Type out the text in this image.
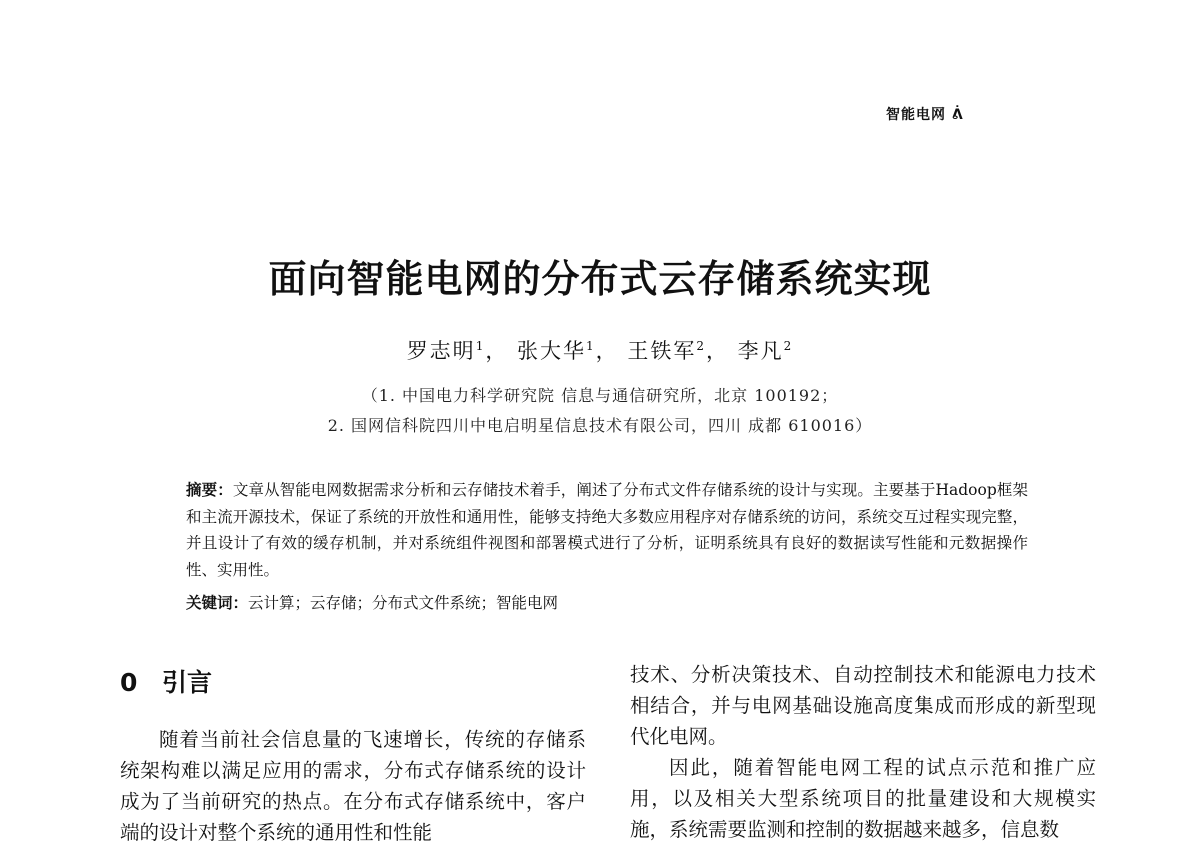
智能电网 ᕖ
面向智能电网的分布式云存储系统实现
罗志明$^1$， 张大华$^1$， 王铁军$^2$， 李凡$^2$
（1. 中国电力科学研究院 信息与通信研究所，北京 100192；
2. 国网信科院四川中电启明星信息技术有限公司，四川 成都 610016）
摘要：文章从智能电网数据需求分析和云存储技术着手，阐述了分布式文件存储系统的设计与实现。主要基于Hadoop框架和主流开源技术，保证了系统的开放性和通用性，能够支持绝大多数应用程序对存储系统的访问，系统交互过程实现完整，并且设计了有效的缓存机制，并对系统组件视图和部署模式进行了分析，证明系统具有良好的数据读写性能和元数据操作性、实用性。
关键词：云计算；云存储；分布式文件系统；智能电网
0 引言

随着当前社会信息量的飞速增长，传统的存储系统架构难以满足应用的需求，分布式存储系统的设计成为了当前研究的热点。在分布式存储系统中，客户端的设计对整个系统的通用性和性能

技术、分析决策技术、自动控制技术和能源电力技术相结合，并与电网基础设施高度集成而形成的新型现代化电网。

因此，随着智能电网工程的试点示范和推广应用，以及相关大型系统项目的批量建设和大规模实施，系统需要监测和控制的数据越来越多，信息数
